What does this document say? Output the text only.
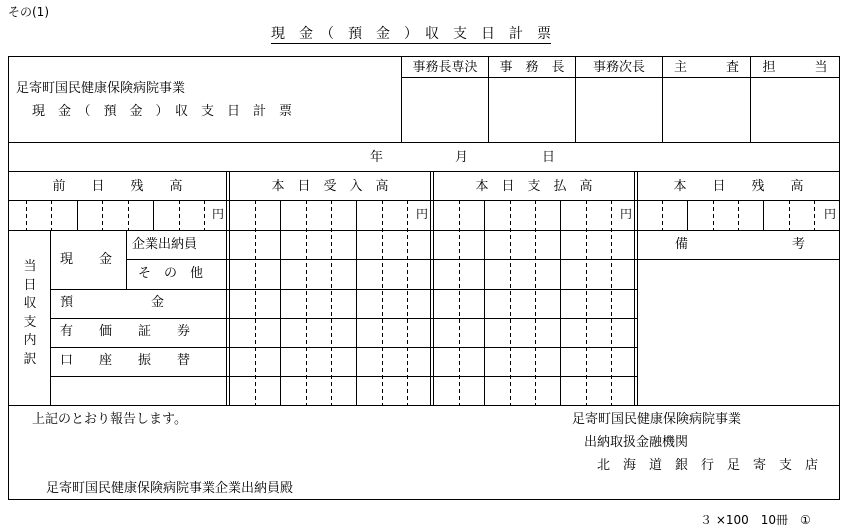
その(1)
現　金　（　預　金　）　収　支　日　計　票
足寄町国民健康保険病院事業
現　金　（　預　金　）　収　支　日　計　票
事務長専決	事　務　長	事務次長	主　　　査	担　　　当
年	月	日
前　　日　　残　　高	本　日　受　入　高	本　日　支　払　高	本　　日　　残　　高
円	円	円	円
当日収支内訳
現　　金
企業出納員
そ　の　他
預　　　　　　金
有　　価　　証　　券
口　　座　　振　　替
備　　　　　　　　考
上記のとおり報告します。	足寄町国民健康保険病院事業
出納取扱金融機関
北　海　道　銀　行　足　寄　支　店
足寄町国民健康保険病院事業企業出納員殿
３ ×100　10冊　①
